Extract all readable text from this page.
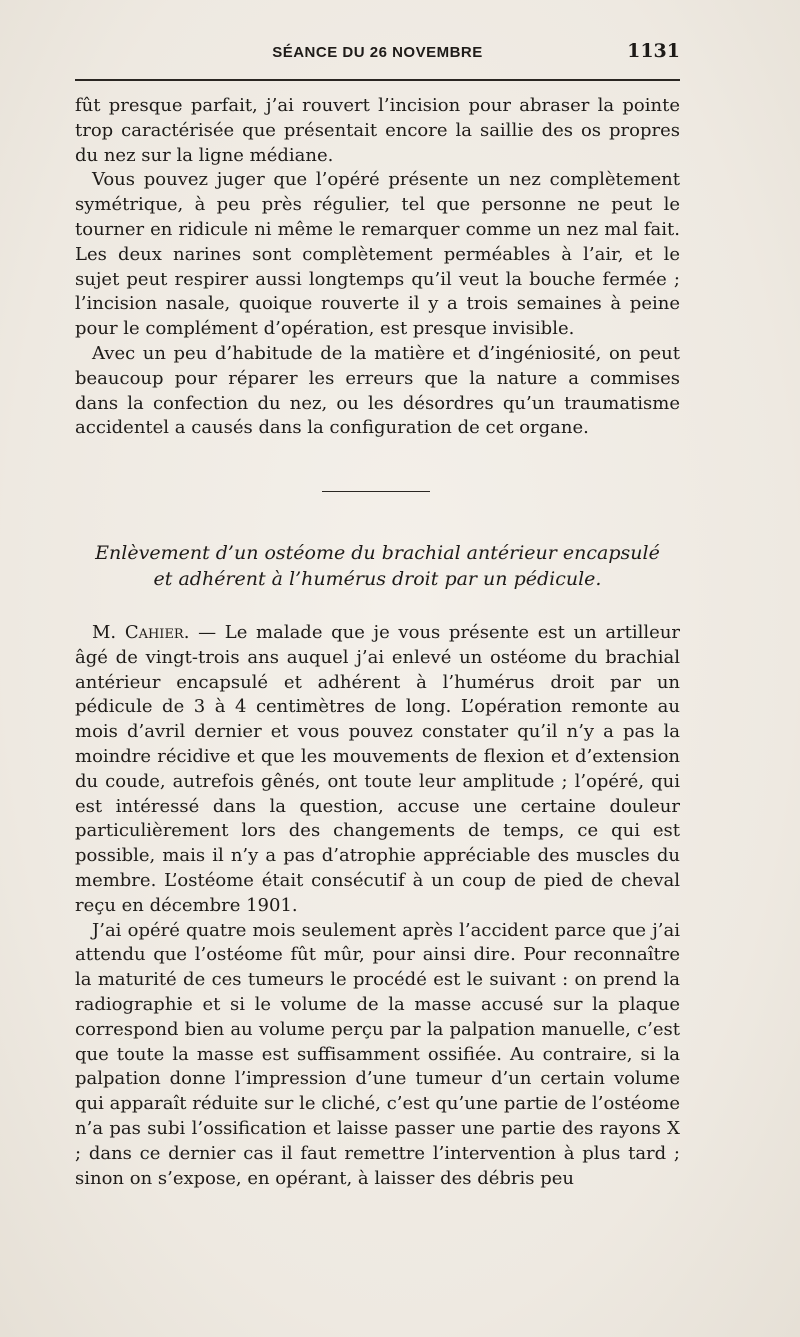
SÉANCE DU 26 NOVEMBRE	1131

fût presque parfait, j’ai rouvert l’incision pour abraser la pointe trop caractérisée que présentait encore la saillie des os propres du nez sur la ligne médiane.

Vous pouvez juger que l’opéré présente un nez complètement symétrique, à peu près régulier, tel que personne ne peut le tourner en ridicule ni même le remarquer comme un nez mal fait. Les deux narines sont complètement perméables à l’air, et le sujet peut respirer aussi longtemps qu’il veut la bouche fermée ; l’incision nasale, quoique rouverte il y a trois semaines à peine pour le complément d’opération, est presque invisible.

Avec un peu d’habitude de la matière et d’ingéniosité, on peut beaucoup pour réparer les erreurs que la nature a commises dans la confection du nez, ou les désordres qu’un traumatisme accidentel a causés dans la configuration de cet organe.

Enlèvement d’un ostéome du brachial antérieur encapsulé
et adhérent à l’humérus droit par un pédicule.

M. Cahier. — Le malade que je vous présente est un artilleur âgé de vingt-trois ans auquel j’ai enlevé un ostéome du brachial antérieur encapsulé et adhérent à l’humérus droit par un pédicule de 3 à 4 centimètres de long. L’opération remonte au mois d’avril dernier et vous pouvez constater qu’il n’y a pas la moindre récidive et que les mouvements de flexion et d’extension du coude, autrefois gênés, ont toute leur amplitude ; l’opéré, qui est intéressé dans la question, accuse une certaine douleur particulièrement lors des changements de temps, ce qui est possible, mais il n’y a pas d’atrophie appréciable des muscles du membre. L’ostéome était consécutif à un coup de pied de cheval reçu en décembre 1901.

J’ai opéré quatre mois seulement après l’accident parce que j’ai attendu que l’ostéome fût mûr, pour ainsi dire. Pour reconnaître la maturité de ces tumeurs le procédé est le suivant : on prend la radiographie et si le volume de la masse accusé sur la plaque correspond bien au volume perçu par la palpation manuelle, c’est que toute la masse est suffisamment ossifiée. Au contraire, si la palpation donne l’impression d’une tumeur d’un certain volume qui apparaît réduite sur le cliché, c’est qu’une partie de l’ostéome n’a pas subi l’ossification et laisse passer une partie des rayons X ; dans ce dernier cas il faut remettre l’intervention à plus tard ; sinon on s’expose, en opérant, à laisser des débris peu
